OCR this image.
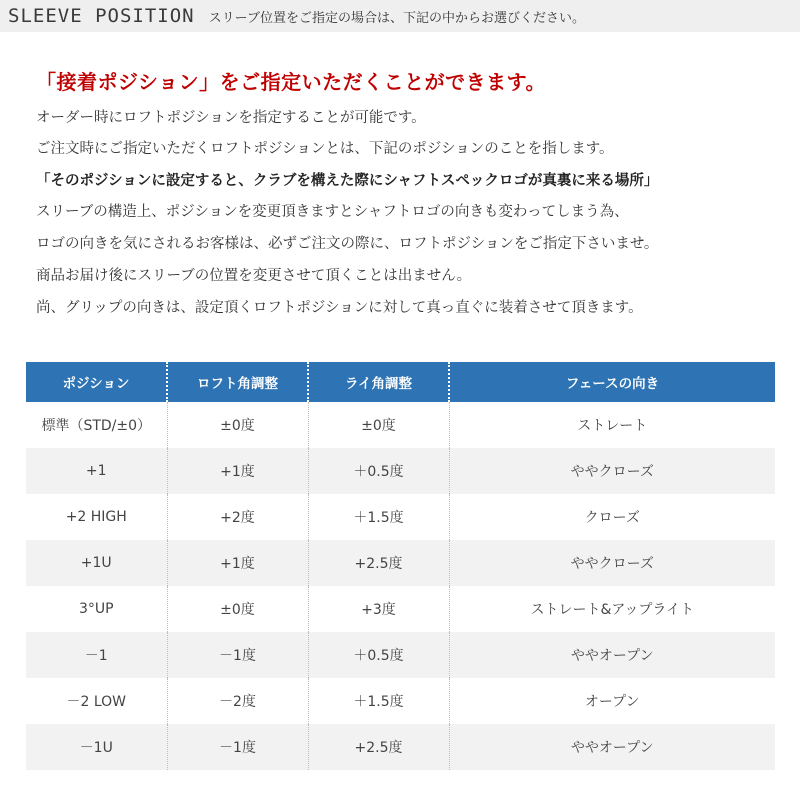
SLEEVE POSITION スリーブ位置をご指定の場合は、下記の中からお選びください。
「接着ポジション」をご指定いただくことができます。
オーダー時にロフトポジションを指定することが可能です。
ご注文時にご指定いただくロフトポジションとは、下記のポジションのことを指します。
「そのポジションに設定すると、クラブを構えた際にシャフトスペックロゴが真裏に来る場所」
スリーブの構造上、ポジションを変更頂きますとシャフトロゴの向きも変わってしまう為、
ロゴの向きを気にされるお客様は、必ずご注文の際に、ロフトポジションをご指定下さいませ。
商品お届け後にスリーブの位置を変更させて頂くことは出ません。
尚、グリップの向きは、設定頂くロフトポジションに対して真っ直ぐに装着させて頂きます。
ポジション	ロフト角調整	ライ角調整	フェースの向き
標準（STD/±0）	±0度	±0度	ストレート
+1	+1度	＋0.5度	ややクローズ
+2 HIGH	+2度	＋1.5度	クローズ
+1U	+1度	+2.5度	ややクローズ
3°UP	±0度	+3度	ストレート&アップライト
－1	－1度	＋0.5度	ややオープン
－2 LOW	－2度	＋1.5度	オープン
－1U	－1度	+2.5度	ややオープン
